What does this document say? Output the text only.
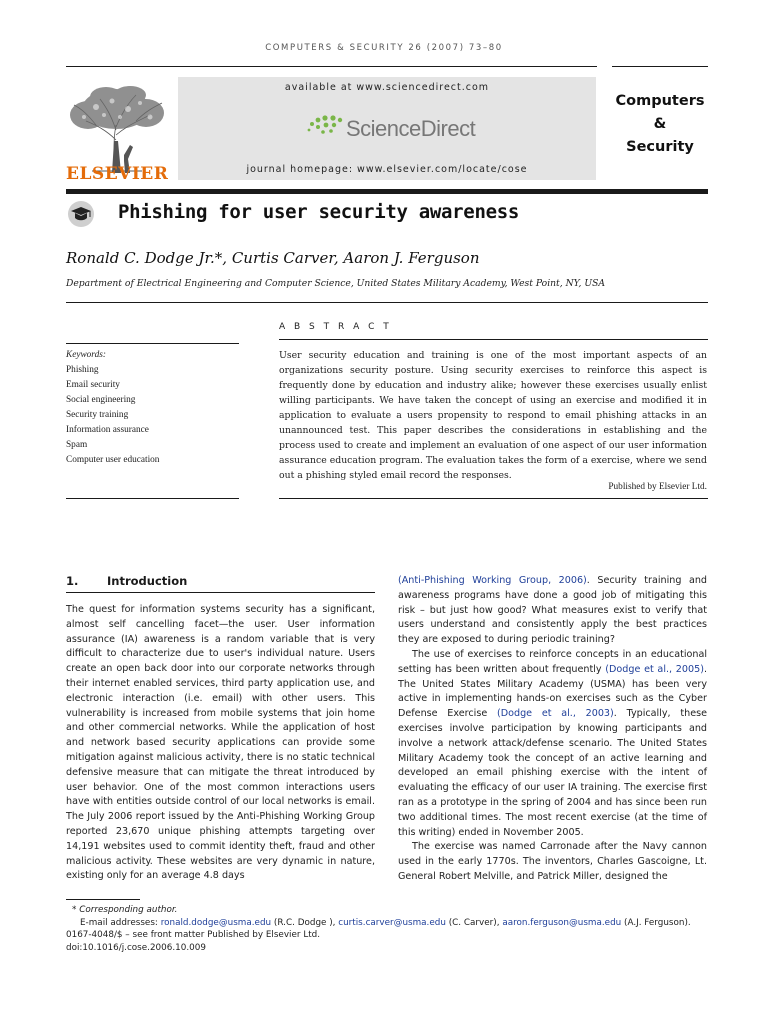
COMPUTERS & SECURITY 26 (2007) 73–80
ELSEVIER
available at www.sciencedirect.com
ScienceDirect
journal homepage: www.elsevier.com/locate/cose
Computers
&
Security
Phishing for user security awareness
Ronald C. Dodge Jr.*, Curtis Carver, Aaron J. Ferguson
Department of Electrical Engineering and Computer Science, United States Military Academy, West Point, NY, USA
A B S T R A C T
Keywords:
Phishing
Email security
Social engineering
Security training
Information assurance
Spam
Computer user education
User security education and training is one of the most important aspects of an organizations security posture. Using security exercises to reinforce this aspect is frequently done by education and industry alike; however these exercises usually enlist willing participants. We have taken the concept of using an exercise and modified it in application to evaluate a users propensity to respond to email phishing attacks in an unannounced test. This paper describes the considerations in establishing and the process used to create and implement an evaluation of one aspect of our user information assurance education program. The evaluation takes the form of a exercise, where we send out a phishing styled email record the responses.
Published by Elsevier Ltd.
1. Introduction

The quest for information systems security has a significant, almost self cancelling facet—the user. User information assurance (IA) awareness is a random variable that is very difficult to characterize due to user's individual nature. Users create an open back door into our corporate networks through their internet enabled services, third party application use, and electronic interaction (i.e. email) with other users. This vulnerability is increased from mobile systems that join home and other commercial networks. While the application of host and network based security applications can provide some mitigation against malicious activity, there is no static technical defensive measure that can mitigate the threat introduced by user behavior. One of the most common interactions users have with entities outside control of our local networks is email. The July 2006 report issued by the Anti-Phishing Working Group reported 23,670 unique phishing attempts targeting over 14,191 websites used to commit identity theft, fraud and other malicious activity. These websites are very dynamic in nature, existing only for an average 4.8 days

(Anti-Phishing Working Group, 2006). Security training and awareness programs have done a good job of mitigating this risk – but just how good? What measures exist to verify that users understand and consistently apply the best practices they are exposed to during periodic training?

The use of exercises to reinforce concepts in an educational setting has been written about frequently (Dodge et al., 2005). The United States Military Academy (USMA) has been very active in implementing hands-on exercises such as the Cyber Defense Exercise (Dodge et al., 2003). Typically, these exercises involve participation by knowing participants and involve a network attack/defense scenario. The United States Military Academy took the concept of an active learning and developed an email phishing exercise with the intent of evaluating the efficacy of our user IA training. The exercise first ran as a prototype in the spring of 2004 and has since been run two additional times. The most recent exercise (at the time of this writing) ended in November 2005.

The exercise was named Carronade after the Navy cannon used in the early 1770s. The inventors, Charles Gascoigne, Lt. General Robert Melville, and Patrick Miller, designed the

* Corresponding author.
E-mail addresses: ronald.dodge@usma.edu (R.C. Dodge ), curtis.carver@usma.edu (C. Carver), aaron.ferguson@usma.edu (A.J. Ferguson).
0167-4048/$ – see front matter Published by Elsevier Ltd.
doi:10.1016/j.cose.2006.10.009
